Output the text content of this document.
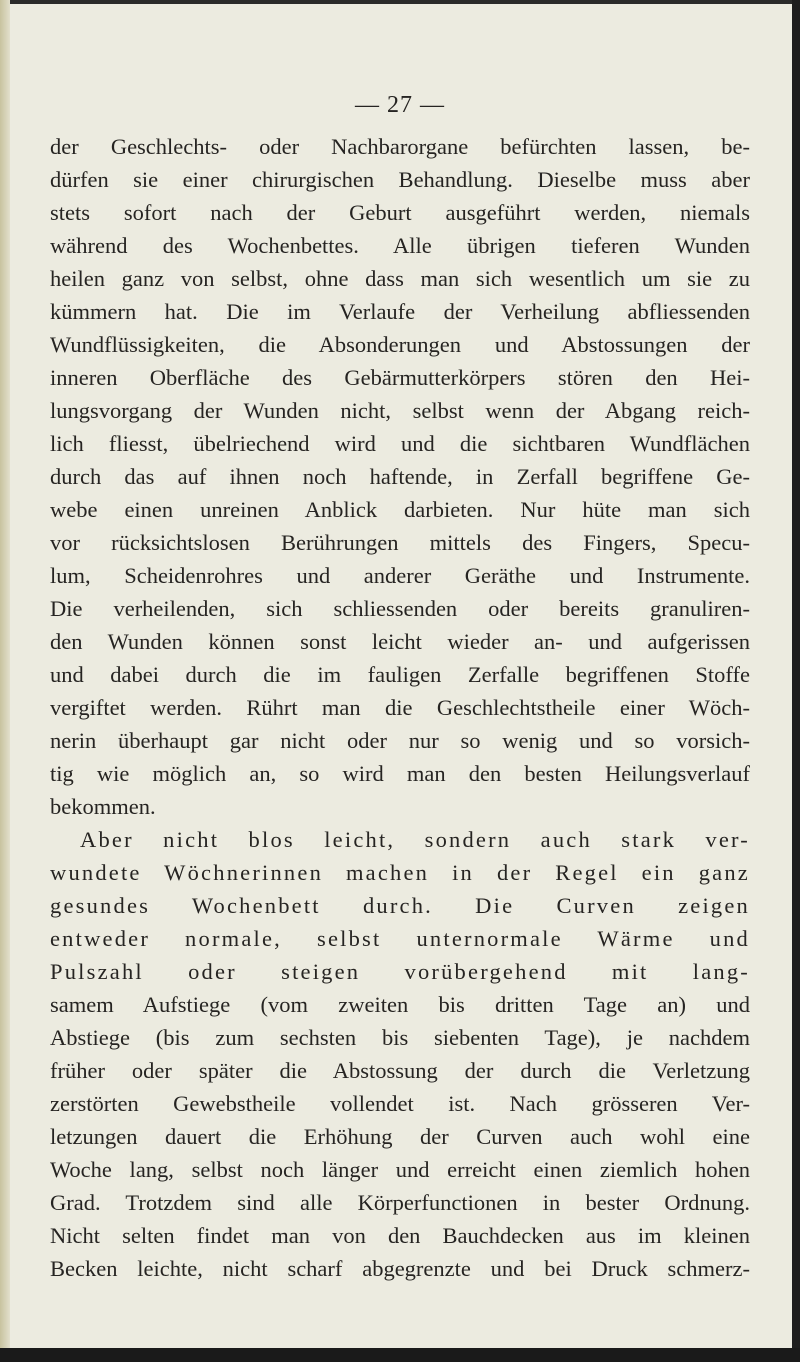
— 27 —
der Geschlechts- oder Nachbarorgane befürchten lassen, be-
dürfen sie einer chirurgischen Behandlung. Dieselbe muss aber
stets sofort nach der Geburt ausgeführt werden, niemals
während des Wochenbettes. Alle übrigen tieferen Wunden
heilen ganz von selbst, ohne dass man sich wesentlich um sie zu
kümmern hat. Die im Verlaufe der Verheilung abfliessenden
Wundflüssigkeiten, die Absonderungen und Abstossungen der
inneren Oberfläche des Gebärmutterkörpers stören den Hei-
lungsvorgang der Wunden nicht, selbst wenn der Abgang reich-
lich fliesst, übelriechend wird und die sichtbaren Wundflächen
durch das auf ihnen noch haftende, in Zerfall begriffene Ge-
webe einen unreinen Anblick darbieten. Nur hüte man sich
vor rücksichtslosen Berührungen mittels des Fingers, Specu-
lum, Scheidenrohres und anderer Geräthe und Instrumente.
Die verheilenden, sich schliessenden oder bereits granuliren-
den Wunden können sonst leicht wieder an- und aufgerissen
und dabei durch die im fauligen Zerfalle begriffenen Stoffe
vergiftet werden. Rührt man die Geschlechtstheile einer Wöch-
nerin überhaupt gar nicht oder nur so wenig und so vorsich-
tig wie möglich an, so wird man den besten Heilungsverlauf
bekommen.
Aber nicht blos leicht, sondern auch stark ver-
wundete Wöchnerinnen machen in der Regel ein ganz
gesundes Wochenbett durch. Die Curven zeigen
entweder normale, selbst unternormale Wärme und
Pulszahl oder steigen vorübergehend mit lang-
samem Aufstiege (vom zweiten bis dritten Tage an) und
Abstiege (bis zum sechsten bis siebenten Tage), je nachdem
früher oder später die Abstossung der durch die Verletzung
zerstörten Gewebstheile vollendet ist. Nach grösseren Ver-
letzungen dauert die Erhöhung der Curven auch wohl eine
Woche lang, selbst noch länger und erreicht einen ziemlich hohen
Grad. Trotzdem sind alle Körperfunctionen in bester Ordnung.
Nicht selten findet man von den Bauchdecken aus im kleinen
Becken leichte, nicht scharf abgegrenzte und bei Druck schmerz-
